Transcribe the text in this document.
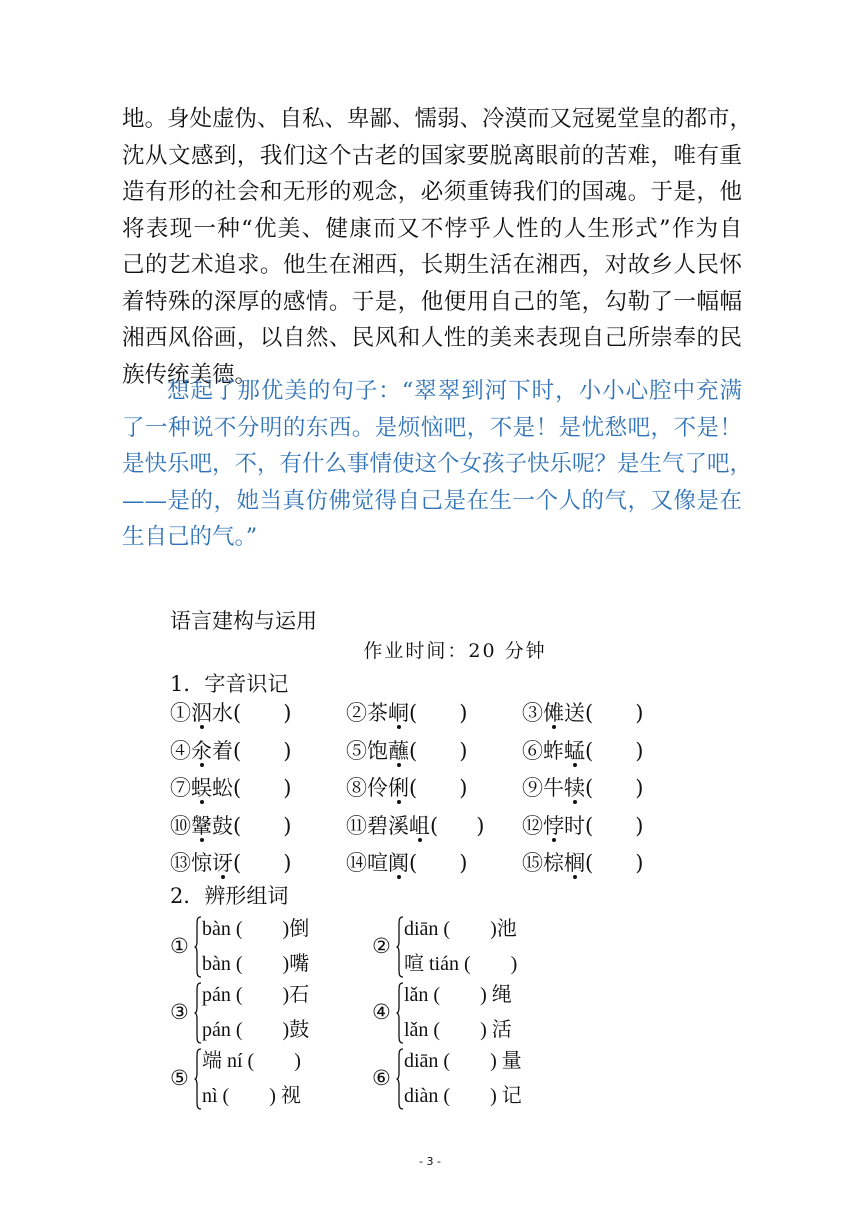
地。身处虚伪、自私、卑鄙、懦弱、冷漠而又冠冕堂皇的都市，
沈从文感到，我们这个古老的国家要脱离眼前的苦难，唯有重
造有形的社会和无形的观念，必须重铸我们的国魂。于是，他
将表现一种“优美、健康而又不悖乎人性的人生形式”作为自
己的艺术追求。他生在湘西，长期生活在湘西，对故乡人民怀
着特殊的深厚的感情。于是，他便用自己的笔，勾勒了一幅幅
湘西风俗画，以自然、民风和人性的美来表现自己所崇奉的民
族传统美德。
想起了那优美的句子：“翠翠到河下时，小小心腔中充满
了一种说不分明的东西。是烦恼吧，不是！是忧愁吧，不是！
是快乐吧，不，有什么事情使这个女孩子快乐呢？是生气了吧，
——是的，她当真仿佛觉得自己是在生一个人的气，又像是在
生自己的气。”
语言建构与运用
作业时间：20 分钟
1．字音识记
①泅水( )	②茶峒( )	③傩送( )
④氽着( )	⑤饱蘸( )	⑥蚱蜢( )
⑦蜈蚣( )	⑧伶俐( )	⑨牛犊( )
⑩鞶鼓( )	⑪碧溪岨( ) ⑫悖时( )
⑬惊讶( )	⑭喧阗( )	⑮棕榈( )
2．辨形组词
①
bàn (　　)倒
bàn (　　)嘴
②
diān (　　)池
喧 tián (　　)
③
pán (　　)石
pán (　　)鼓
④
lǎn (　　) 绳
lǎn (　　) 活
⑤
端 ní (　　)
nì (　　) 视
⑥
diān (　　) 量
diàn (　　) 记
- 3 -
